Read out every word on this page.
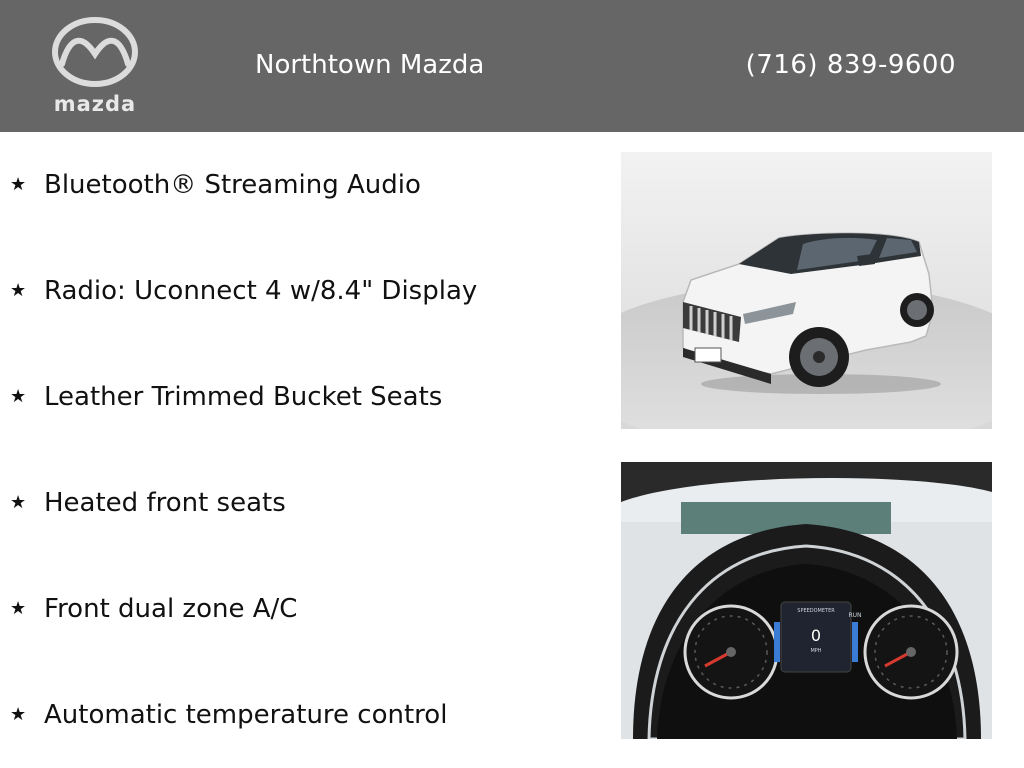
mazda
Northtown Mazda	(716) 839-9600
★ Bluetooth® Streaming Audio
★ Radio: Uconnect 4 w/8.4" Display
★ Leather Trimmed Bucket Seats
★ Heated front seats
★ Front dual zone A/C
★ Automatic temperature control
SPEEDOMETER
0
MPH
RUN
